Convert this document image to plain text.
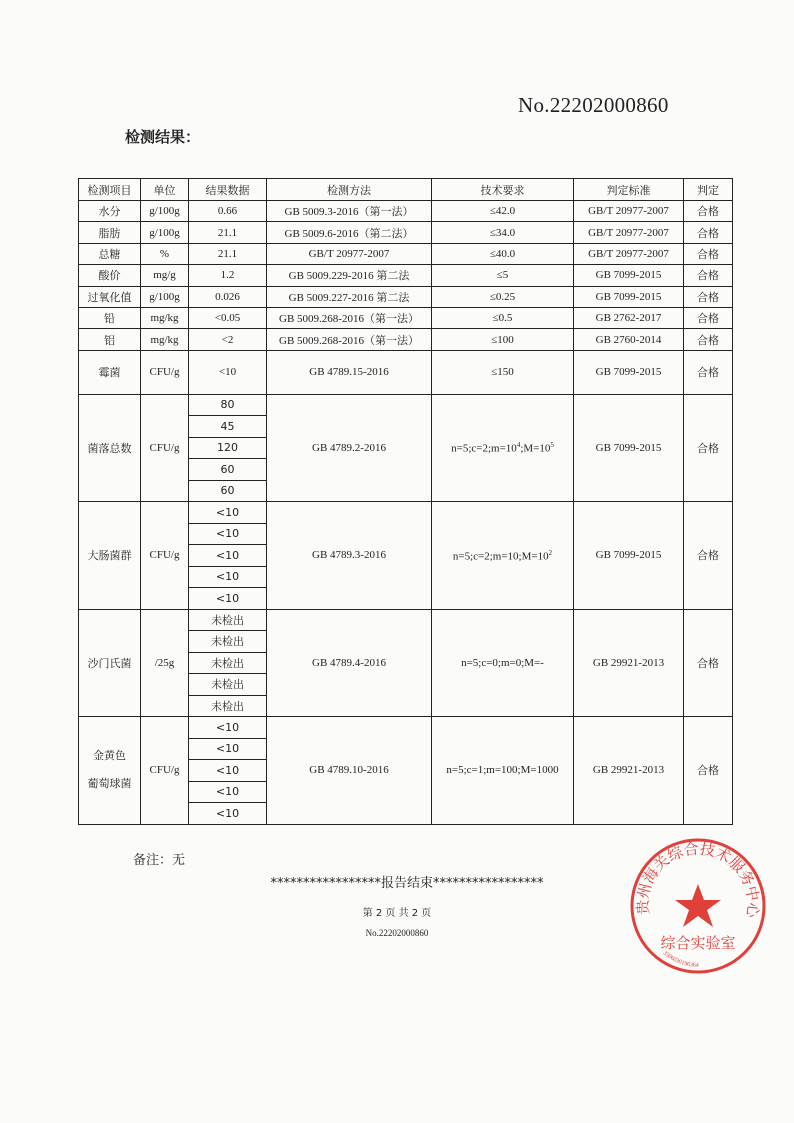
No.22202000860
检测结果：
检测项目	单位	结果数据	检测方法	技术要求	判定标准	判定
水分	g/100g	0.66	GB 5009.3-2016（第一法）	≤42.0	GB/T 20977-2007	合格
脂肪	g/100g	21.1	GB 5009.6-2016（第二法）	≤34.0	GB/T 20977-2007	合格
总糖	%	21.1	GB/T 20977-2007	≤40.0	GB/T 20977-2007	合格
酸价	mg/g	1.2	GB 5009.229-2016 第二法	≤5	GB 7099-2015	合格
过氧化值	g/100g	0.026	GB 5009.227-2016 第二法	≤0.25	GB 7099-2015	合格
铅	mg/kg	<0.05	GB 5009.268-2016（第一法）	≤0.5	GB 2762-2017	合格
铝	mg/kg	<2	GB 5009.268-2016（第一法）	≤100	GB 2760-2014	合格
霉菌	CFU/g	<10	GB 4789.15-2016	≤150	GB 7099-2015	合格
菌落总数	CFU/g	80	GB 4789.2-2016	$n=5;c=2;m=10^4;M=10^5$	GB 7099-2015	合格
		45				
		120				
		60				
		60				
大肠菌群	CFU/g	<10	GB 4789.3-2016	$n=5;c=2;m=10;M=10^2$	GB 7099-2015	合格
		<10				
		<10				
		<10				
		<10				
沙门氏菌	/25g	未检出	GB 4789.4-2016	n=5;c=0;m=0;M=-	GB 29921-2013	合格
		未检出				
		未检出				
		未检出				
		未检出				

金黄色
葡萄球菌	CFU/g	<10	GB 4789.10-2016	n=5;c=1;m=100;M=1000	GB 29921-2013	合格
		<10				
		<10				
		<10				
		<10				
贵州海关综合技术服务中心
综合实验室
3506030196364
备注：无
*****************报告结束*****************
第 2 页 共 2 页
No.22202000860
